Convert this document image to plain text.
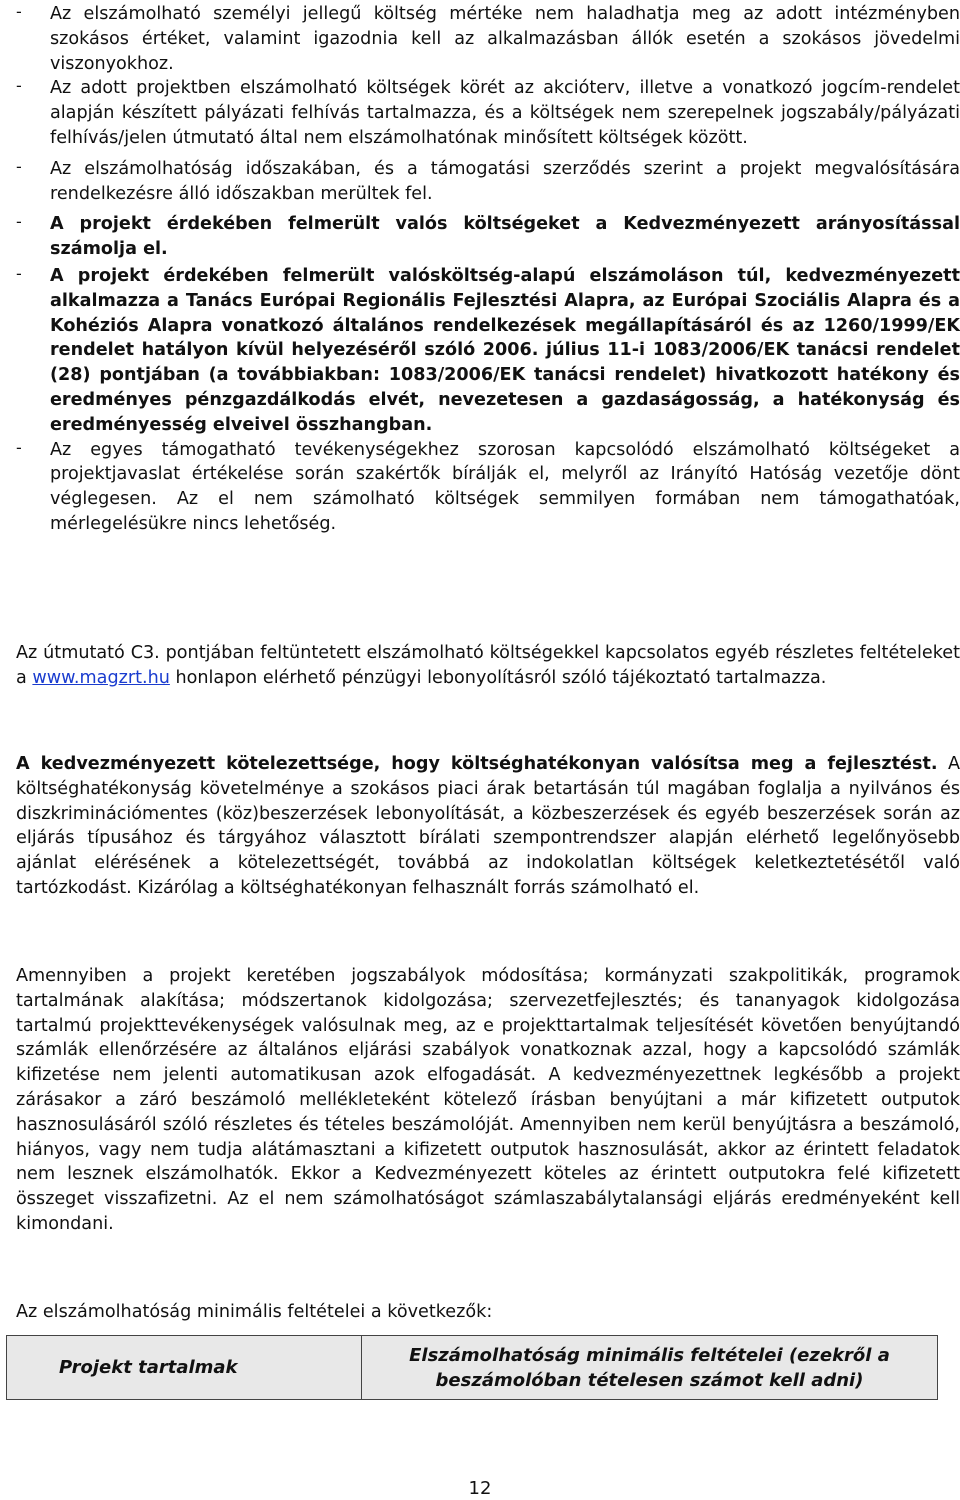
- Az elszámolható személyi jellegű költség mértéke nem haladhatja meg az adott intézményben szokásos értéket, valamint igazodnia kell az alkalmazásban állók esetén a szokásos jövedelmi viszonyokhoz.

- Az adott projektben elszámolható költségek körét az akcióterv, illetve a vonatkozó jogcím-rendelet alapján készített pályázati felhívás tartalmazza, és a költségek nem szerepelnek jogszabály/pályázati felhívás/jelen útmutató által nem elszámolhatónak minősített költségek között.

- Az elszámolhatóság időszakában, és a támogatási szerződés szerint a projekt megvalósítására rendelkezésre álló időszakban merültek fel.

- A projekt érdekében felmerült valós költségeket a Kedvezményezett arányosítással számolja el.

- A projekt érdekében felmerült valósköltség-alapú elszámoláson túl, kedvezményezett alkalmazza a Tanács Európai Regionális Fejlesztési Alapra, az Európai Szociális Alapra és a Kohéziós Alapra vonatkozó általános rendelkezések megállapításáról és az 1260/1999/EK rendelet hatályon kívül helyezéséről szóló 2006. július 11-i 1083/2006/EK tanácsi rendelet (28) pontjában (a továbbiakban: 1083/2006/EK tanácsi rendelet) hivatkozott hatékony és eredményes pénzgazdálkodás elvét, nevezetesen a gazdaságosság, a hatékonyság és eredményesség elveivel összhangban.

- Az egyes támogatható tevékenységekhez szorosan kapcsolódó elszámolható költségeket a projektjavaslat értékelése során szakértők bírálják el, melyről az Irányító Hatóság vezetője dönt véglegesen. Az el nem számolható költségek semmilyen formában nem támogathatóak, mérlegelésükre nincs lehetőség.

Az útmutató C3. pontjában feltüntetett elszámolható költségekkel kapcsolatos egyéb részletes feltételeket a www.magzrt.hu honlapon elérhető pénzügyi lebonyolításról szóló tájékoztató tartalmazza.

A kedvezményezett kötelezettsége, hogy költséghatékonyan valósítsa meg a fejlesztést. A költséghatékonyság követelménye a szokásos piaci árak betartásán túl magában foglalja a nyilvános és diszkriminációmentes (köz)beszerzések lebonyolítását, a közbeszerzések és egyéb beszerzések során az eljárás típusához és tárgyához választott bírálati szempontrendszer alapján elérhető legelőnyösebb ajánlat elérésének a kötelezettségét, továbbá az indokolatlan költségek keletkeztetésétől való tartózkodást. Kizárólag a költséghatékonyan felhasznált forrás számolható el.

Amennyiben a projekt keretében jogszabályok módosítása; kormányzati szakpolitikák, programok tartalmának alakítása; módszertanok kidolgozása; szervezetfejlesztés; és tananyagok kidolgozása tartalmú projekttevékenységek valósulnak meg, az e projekttartalmak teljesítését követően benyújtandó számlák ellenőrzésére az általános eljárási szabályok vonatkoznak azzal, hogy a kapcsolódó számlák kifizetése nem jelenti automatikusan azok elfogadását. A kedvezményezettnek legkésőbb a projekt zárásakor a záró beszámoló mellékleteként kötelező írásban benyújtani a már kifizetett outputok hasznosulásáról szóló részletes és tételes beszámolóját. Amennyiben nem kerül benyújtásra a beszámoló, hiányos, vagy nem tudja alátámasztani a kifizetett outputok hasznosulását, akkor az érintett feladatok nem lesznek elszámolhatók. Ekkor a Kedvezményezett köteles az érintett outputokra felé kifizetett összeget visszafizetni. Az el nem számolhatóságot számlaszabálytalansági eljárás eredményeként kell kimondani.

Az elszámolhatóság minimális feltételei a következők:

Projekt tartalmak	Elszámolhatóság minimális feltételei (ezekről a beszámolóban tételesen számot kell adni)
12
